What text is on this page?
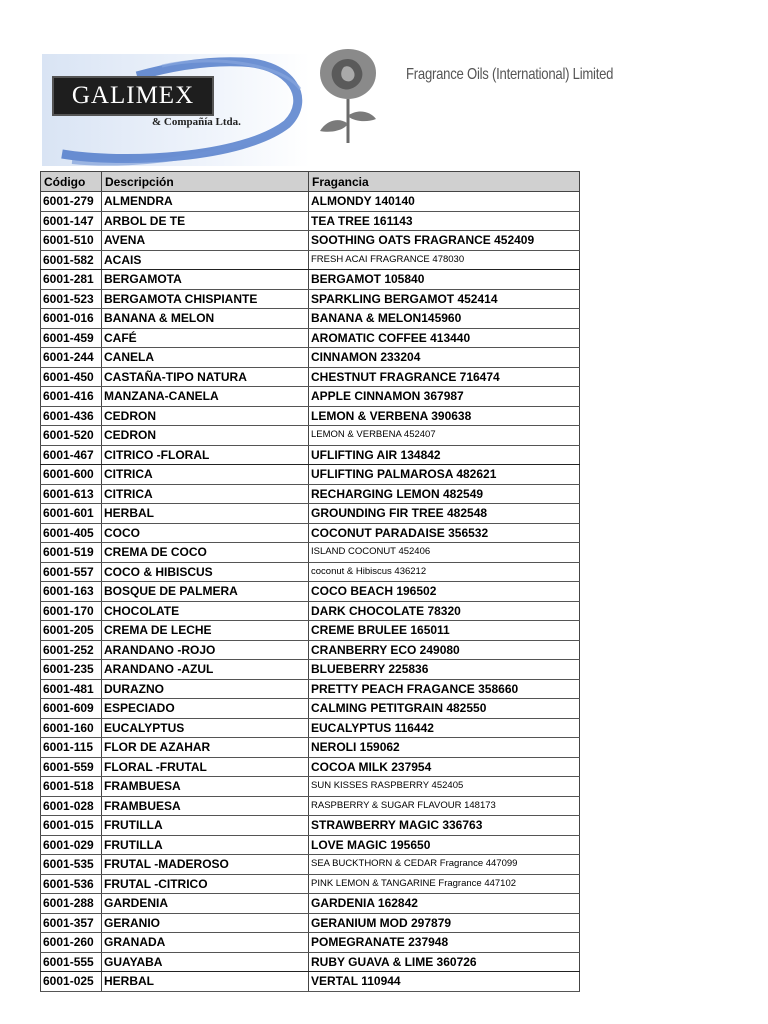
GALIMEX
& Compañía Ltda.
Fragrance Oils (International) Limited
Código	Descripción	Fragancia
6001-279	ALMENDRA	ALMONDY 140140
6001-147	ARBOL DE TE	TEA TREE 161143
6001-510	AVENA	SOOTHING OATS FRAGRANCE 452409
6001-582	ACAIS	FRESH ACAI FRAGRANCE 478030
6001-281	BERGAMOTA	BERGAMOT 105840
6001-523	BERGAMOTA CHISPIANTE	SPARKLING BERGAMOT 452414
6001-016	BANANA & MELON	BANANA & MELON145960
6001-459	CAFÉ	AROMATIC COFFEE 413440
6001-244	CANELA	CINNAMON 233204
6001-450	CASTAÑA-TIPO NATURA	CHESTNUT FRAGRANCE 716474
6001-416	MANZANA-CANELA	APPLE CINNAMON 367987
6001-436	CEDRON	LEMON & VERBENA 390638
6001-520	CEDRON	LEMON & VERBENA 452407
6001-467	CITRICO -FLORAL	UFLIFTING AIR 134842
6001-600	CITRICA	UFLIFTING PALMAROSA 482621
6001-613	CITRICA	RECHARGING LEMON 482549
6001-601	HERBAL	GROUNDING FIR TREE 482548
6001-405	COCO	COCONUT PARADAISE 356532
6001-519	CREMA DE COCO	ISLAND COCONUT 452406
6001-557	COCO & HIBISCUS	coconut & Hibiscus 436212
6001-163	BOSQUE DE PALMERA	COCO BEACH 196502
6001-170	CHOCOLATE	DARK CHOCOLATE 78320
6001-205	CREMA DE LECHE	CREME BRULEE 165011
6001-252	ARANDANO -ROJO	CRANBERRY ECO 249080
6001-235	ARANDANO -AZUL	BLUEBERRY 225836
6001-481	DURAZNO	PRETTY PEACH FRAGANCE 358660
6001-609	ESPECIADO	CALMING PETITGRAIN 482550
6001-160	EUCALYPTUS	EUCALYPTUS 116442
6001-115	FLOR DE AZAHAR	NEROLI 159062
6001-559	FLORAL -FRUTAL	COCOA MILK 237954
6001-518	FRAMBUESA	SUN KISSES RASPBERRY 452405
6001-028	FRAMBUESA	RASPBERRY & SUGAR FLAVOUR 148173
6001-015	FRUTILLA	STRAWBERRY MAGIC 336763
6001-029	FRUTILLA	LOVE MAGIC 195650
6001-535	FRUTAL -MADEROSO	SEA BUCKTHORN & CEDAR Fragrance 447099
6001-536	FRUTAL -CITRICO	PINK LEMON & TANGARINE Fragrance 447102
6001-288	GARDENIA	GARDENIA 162842
6001-357	GERANIO	GERANIUM MOD 297879
6001-260	GRANADA	POMEGRANATE 237948
6001-555	GUAYABA	RUBY GUAVA & LIME 360726
6001-025	HERBAL	VERTAL 110944
